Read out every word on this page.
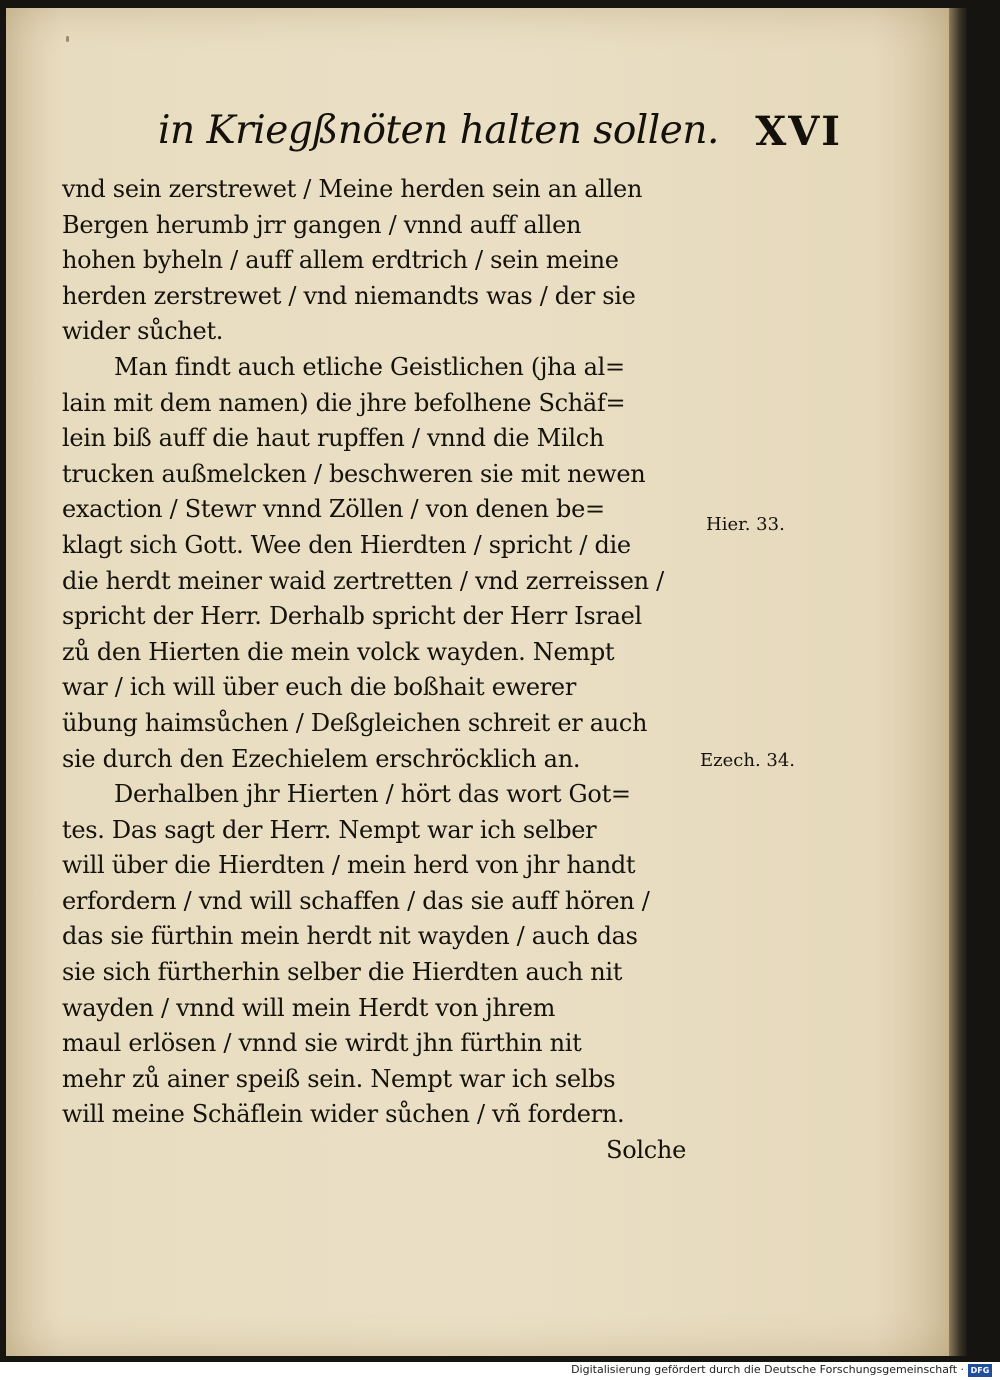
in Kriegßnöten halten sollen. XVI
vnd sein zerstrewet / Meine herden sein an allen
Bergen herumb jrr gangen / vnnd auff allen
hohen byheln / auff allem erdtrich / sein meine
herden zerstrewet / vnd niemandts was / der sie
wider sůchet.
Man findt auch etliche Geistlichen (jha al=
lain mit dem namen) die jhre befolhene Schäf=
lein biß auff die haut rupffen / vnnd die Milch
trucken außmelcken / beschweren sie mit newen
exaction / Stewr vnnd Zöllen / von denen be=
klagt sich Gott. Wee den Hierdten / spricht / die
die herdt meiner waid zertretten / vnd zerreissen /
spricht der Herr. Derhalb spricht der Herr Israel
zů den Hierten die mein volck wayden. Nempt
war / ich will über euch die boßhait ewerer
übung haimsůchen / Deßgleichen schreit er auch
sie durch den Ezechielem erschröcklich an.
Derhalben jhr Hierten / hört das wort Got=
tes. Das sagt der Herr. Nempt war ich selber
will über die Hierdten / mein herd von jhr handt
erfordern / vnd will schaffen / das sie auff hören /
das sie fürthin mein herdt nit wayden / auch das
sie sich fürtherhin selber die Hierdten auch nit
wayden / vnnd will mein Herdt von jhrem
maul erlösen / vnnd sie wirdt jhn fürthin nit
mehr zů ainer speiß sein. Nempt war ich selbs
will meine Schäflein wider sůchen / vñ fordern.
Solche
Hier. 33.
Ezech. 34.
Digitalisierung gefördert durch die Deutsche Forschungsgemeinschaft · DFG
